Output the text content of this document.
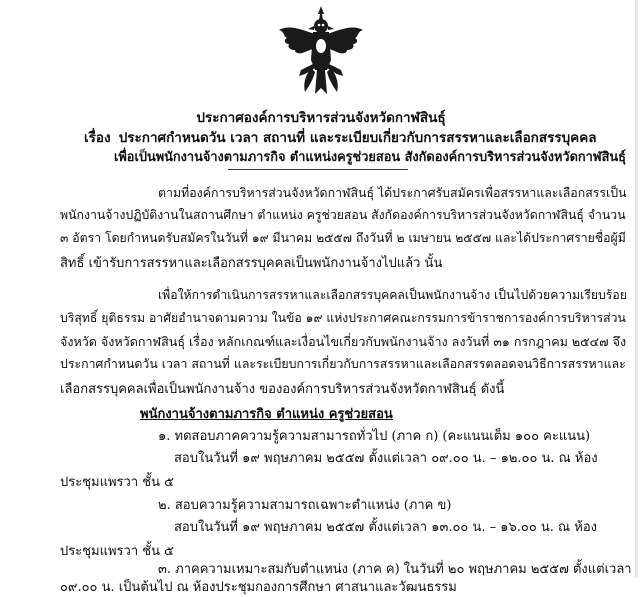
ประกาศองค์การบริหารส่วนจังหวัดกาฬสินธุ์
เรื่อง ประกาศกำหนดวัน เวลา สถานที่ และระเบียบเกี่ยวกับการสรรหาและเลือกสรรบุคคล
เพื่อเป็นพนักงานจ้างตามภารกิจ ตำแหน่งครูช่วยสอน สังกัดองค์การบริหารส่วนจังหวัดกาฬสินธุ์
ตามที่องค์การบริหารส่วนจังหวัดกาฬสินธุ์ ได้ประกาศรับสมัครเพื่อสรรหาและเลือกสรรเป็น
พนักงานจ้างปฏิบัติงานในสถานศึกษา ตำแหน่ง ครูช่วยสอน สังกัดองค์การบริหารส่วนจังหวัดกาฬสินธุ์ จำนวน
๓ อัตรา โดยกำหนดรับสมัครในวันที่ ๑๙ มีนาคม ๒๕๕๗ ถึงวันที่ ๒ เมษายน ๒๕๕๗ และได้ประกาศรายชื่อผู้มี
สิทธิ์ เข้ารับการสรรหาและเลือกสรรบุคคลเป็นพนักงานจ้างไปแล้ว นั้น
เพื่อให้การดำเนินการสรรหาและเลือกสรรบุคคลเป็นพนักงานจ้าง เป็นไปด้วยความเรียบร้อย
บริสุทธิ์ ยุติธรรม อาศัยอำนาจตามความ ในข้อ ๑๙ แห่งประกาศคณะกรรมการข้าราชการองค์การบริหารส่วน
จังหวัด จังหวัดกาฬสินธุ์ เรื่อง หลักเกณฑ์และเงื่อนไขเกี่ยวกับพนักงานจ้าง ลงวันที่ ๓๑ กรกฎาคม ๒๕๔๗ จึง
ประกาศกำหนดวัน เวลา สถานที่ และระเบียบการเกี่ยวกับการสรรหาและเลือกสรรตลอดจนวิธีการสรรหาและ
เลือกสรรบุคคลเพื่อเป็นพนักงานจ้าง ขององค์การบริหารส่วนจังหวัดกาฬสินธุ์ ดังนี้
พนักงานจ้างตามภารกิจ ตำแหน่ง ครูช่วยสอน
๑. ทดสอบภาคความรู้ความสามารถทั่วไป (ภาค ก) (คะแนนเต็ม ๑๐๐ คะแนน)
สอบในวันที่ ๑๙ พฤษภาคม ๒๕๕๗ ตั้งแต่เวลา ๐๙.๐๐ น. – ๑๒.๐๐ น. ณ ห้อง
ประชุมแพรวา ชั้น ๕
๒. สอบความรู้ความสามารถเฉพาะตำแหน่ง (ภาค ข)
สอบในวันที่ ๑๙ พฤษภาคม ๒๕๕๗ ตั้งแต่เวลา ๑๓.๐๐ น. – ๑๖.๐๐ น. ณ ห้อง
ประชุมแพรวา ชั้น ๕
๓. ภาคความเหมาะสมกับตำแหน่ง (ภาค ค) ในวันที่ ๒๐ พฤษภาคม ๒๕๕๗ ตั้งแต่เวลา
๐๙.๐๐ น. เป็นต้นไป ณ ห้องประชุมกองการศึกษา ศาสนาและวัฒนธรรม
